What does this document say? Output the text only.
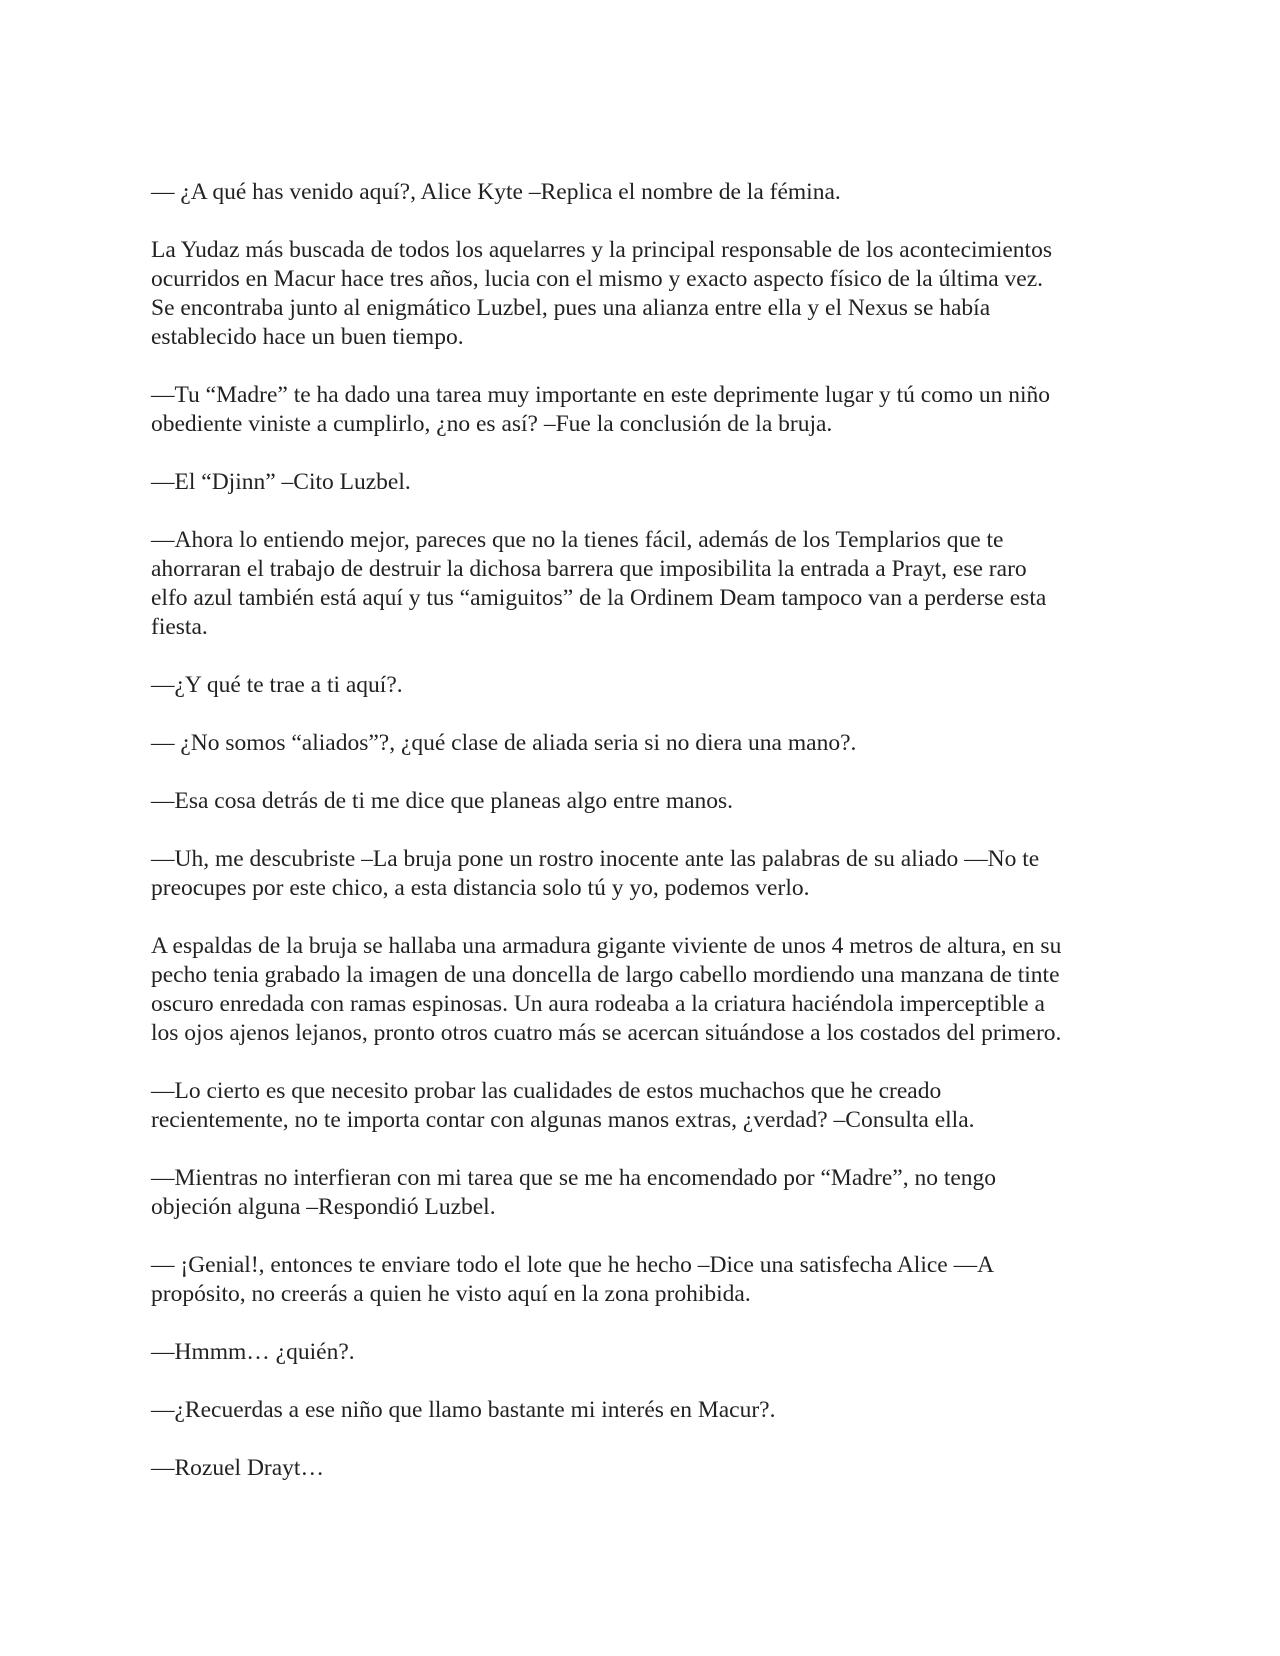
— ¿A qué has venido aquí?, Alice Kyte –Replica el nombre de la fémina.

La Yudaz más buscada de todos los aquelarres y la principal responsable de los acontecimientos
ocurridos en Macur hace tres años, lucia con el mismo y exacto aspecto físico de la última vez.
Se encontraba junto al enigmático Luzbel, pues una alianza entre ella y el Nexus se había
establecido hace un buen tiempo.

—Tu “Madre” te ha dado una tarea muy importante en este deprimente lugar y tú como un niño
obediente viniste a cumplirlo, ¿no es así? –Fue la conclusión de la bruja.

—El “Djinn” –Cito Luzbel.

—Ahora lo entiendo mejor, pareces que no la tienes fácil, además de los Templarios que te
ahorraran el trabajo de destruir la dichosa barrera que imposibilita la entrada a Prayt, ese raro
elfo azul también está aquí y tus “amiguitos” de la Ordinem Deam tampoco van a perderse esta
fiesta.

—¿Y qué te trae a ti aquí?.

— ¿No somos “aliados”?, ¿qué clase de aliada seria si no diera una mano?.

—Esa cosa detrás de ti me dice que planeas algo entre manos.

—Uh, me descubriste –La bruja pone un rostro inocente ante las palabras de su aliado —No te
preocupes por este chico, a esta distancia solo tú y yo, podemos verlo.

A espaldas de la bruja se hallaba una armadura gigante viviente de unos 4 metros de altura, en su
pecho tenia grabado la imagen de una doncella de largo cabello mordiendo una manzana de tinte
oscuro enredada con ramas espinosas. Un aura rodeaba a la criatura haciéndola imperceptible a
los ojos ajenos lejanos, pronto otros cuatro más se acercan situándose a los costados del primero.

—Lo cierto es que necesito probar las cualidades de estos muchachos que he creado
recientemente, no te importa contar con algunas manos extras, ¿verdad? –Consulta ella.

—Mientras no interfieran con mi tarea que se me ha encomendado por “Madre”, no tengo
objeción alguna –Respondió Luzbel.

— ¡Genial!, entonces te enviare todo el lote que he hecho –Dice una satisfecha Alice —A
propósito, no creerás a quien he visto aquí en la zona prohibida.

—Hmmm… ¿quién?.

—¿Recuerdas a ese niño que llamo bastante mi interés en Macur?.

—Rozuel Drayt…
